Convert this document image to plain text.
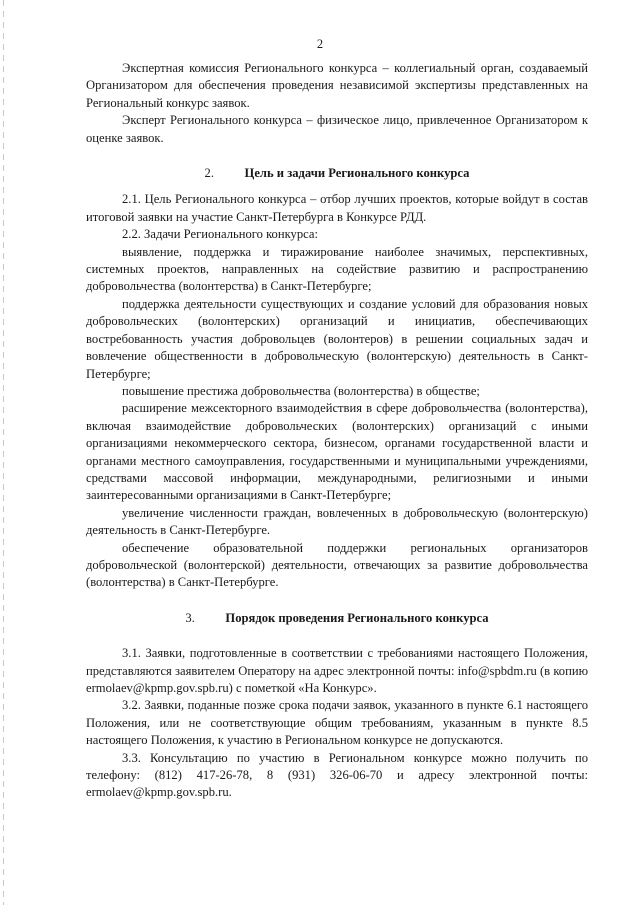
2

Экспертная комиссия Регионального конкурса – коллегиальный орган, создаваемый Организатором для обеспечения проведения независимой экспертизы представленных на Региональный конкурс заявок.

Эксперт Регионального конкурса – физическое лицо, привлеченное Организатором к оценке заявок.

2. Цель и задачи Регионального конкурса

2.1. Цель Регионального конкурса – отбор лучших проектов, которые войдут в состав итоговой заявки на участие Санкт-Петербурга в Конкурсе РДД.

2.2. Задачи Регионального конкурса:

выявление, поддержка и тиражирование наиболее значимых, перспективных, системных проектов, направленных на содействие развитию и распространению добровольчества (волонтерства) в Санкт-Петербурге;

поддержка деятельности существующих и создание условий для образования новых добровольческих (волонтерских) организаций и инициатив, обеспечивающих востребованность участия добровольцев (волонтеров) в решении социальных задач и вовлечение общественности в добровольческую (волонтерскую) деятельность в Санкт-Петербурге;

повышение престижа добровольчества (волонтерства) в обществе;

расширение межсекторного взаимодействия в сфере добровольчества (волонтерства), включая взаимодействие добровольческих (волонтерских) организаций с иными организациями некоммерческого сектора, бизнесом, органами государственной власти и органами местного самоуправления, государственными и муниципальными учреждениями, средствами массовой информации, международными, религиозными и иными заинтересованными организациями в Санкт-Петербурге;

увеличение численности граждан, вовлеченных в добровольческую (волонтерскую) деятельность в Санкт-Петербурге.

обеспечение образовательной поддержки региональных организаторов добровольческой (волонтерской) деятельности, отвечающих за развитие добровольчества (волонтерства) в Санкт-Петербурге.

3. Порядок проведения Регионального конкурса

3.1. Заявки, подготовленные в соответствии с требованиями настоящего Положения, представляются заявителем Оператору на адрес электронной почты: info@spbdm.ru (в копию ermolaev@kpmp.gov.spb.ru) с пометкой «На Конкурс».

3.2. Заявки, поданные позже срока подачи заявок, указанного в пункте 6.1 настоящего Положения, или не соответствующие общим требованиям, указанным в пункте 8.5 настоящего Положения, к участию в Региональном конкурсе не допускаются.

3.3. Консультацию по участию в Региональном конкурсе можно получить по телефону: (812) 417-26-78, 8 (931) 326-06-70 и адресу электронной почты: ermolaev@kpmp.gov.spb.ru.
